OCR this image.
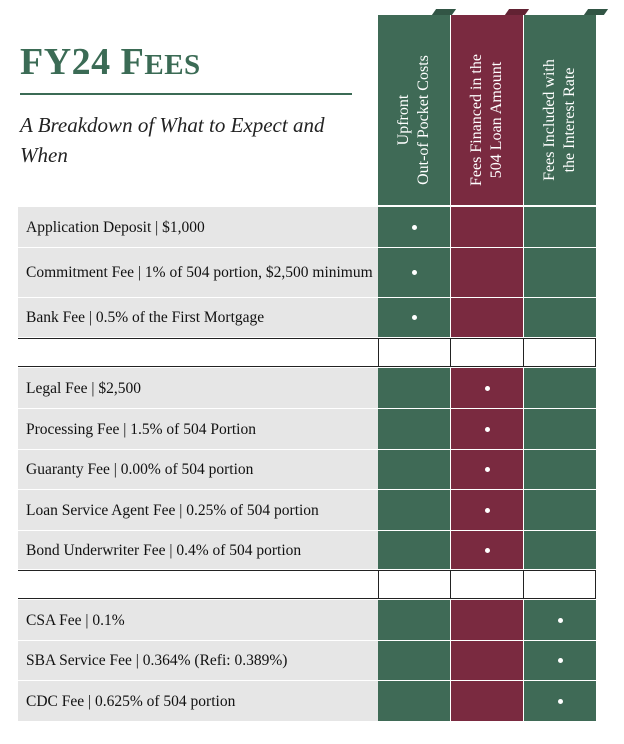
FY24 FEES
A Breakdown of What to Expect and When
Upfront Out-of Pocket Costs Fees Financed in the 504 Loan Amount Fees Included with the Interest Rate
Application Deposit | $1,000
Commitment Fee | 1% of 504 portion, $2,500 minimum
Bank Fee | 0.5% of the First Mortgage
Legal Fee | $2,500
Processing Fee | 1.5% of 504 Portion
Guaranty Fee | 0.00% of 504 portion
Loan Service Agent Fee | 0.25% of 504 portion
Bond Underwriter Fee | 0.4% of 504 portion
CSA Fee | 0.1%
SBA Service Fee | 0.364% (Refi: 0.389%)
CDC Fee | 0.625% of 504 portion
